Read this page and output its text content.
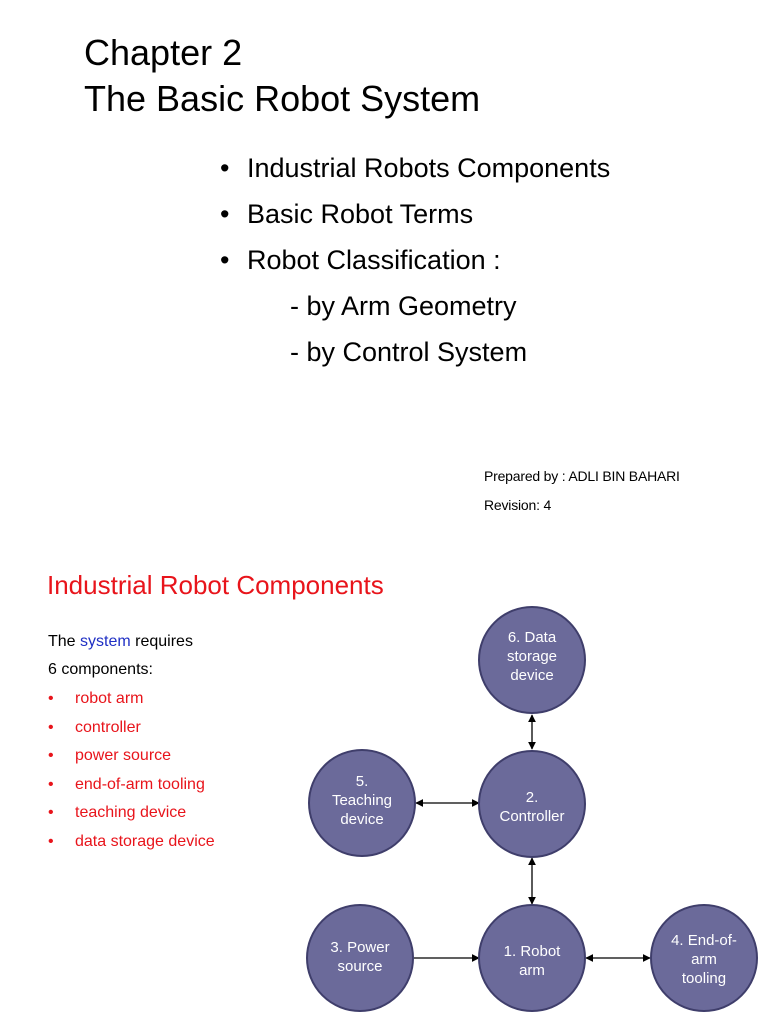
Chapter 2
The Basic Robot System
• Industrial Robots Components
• Basic Robot Terms
• Robot Classification :
- by Arm Geometry
- by Control System
Prepared by : ADLI BIN BAHARI
Revision: 4
Industrial Robot Components
The system requires
6 components:
• robot arm
• controller
• power source
• end-of-arm tooling
• teaching device
• data storage device
6. Data storage device
5. Teaching device
2. Controller
3. Power source
1. Robot arm
4. End-of-arm tooling
